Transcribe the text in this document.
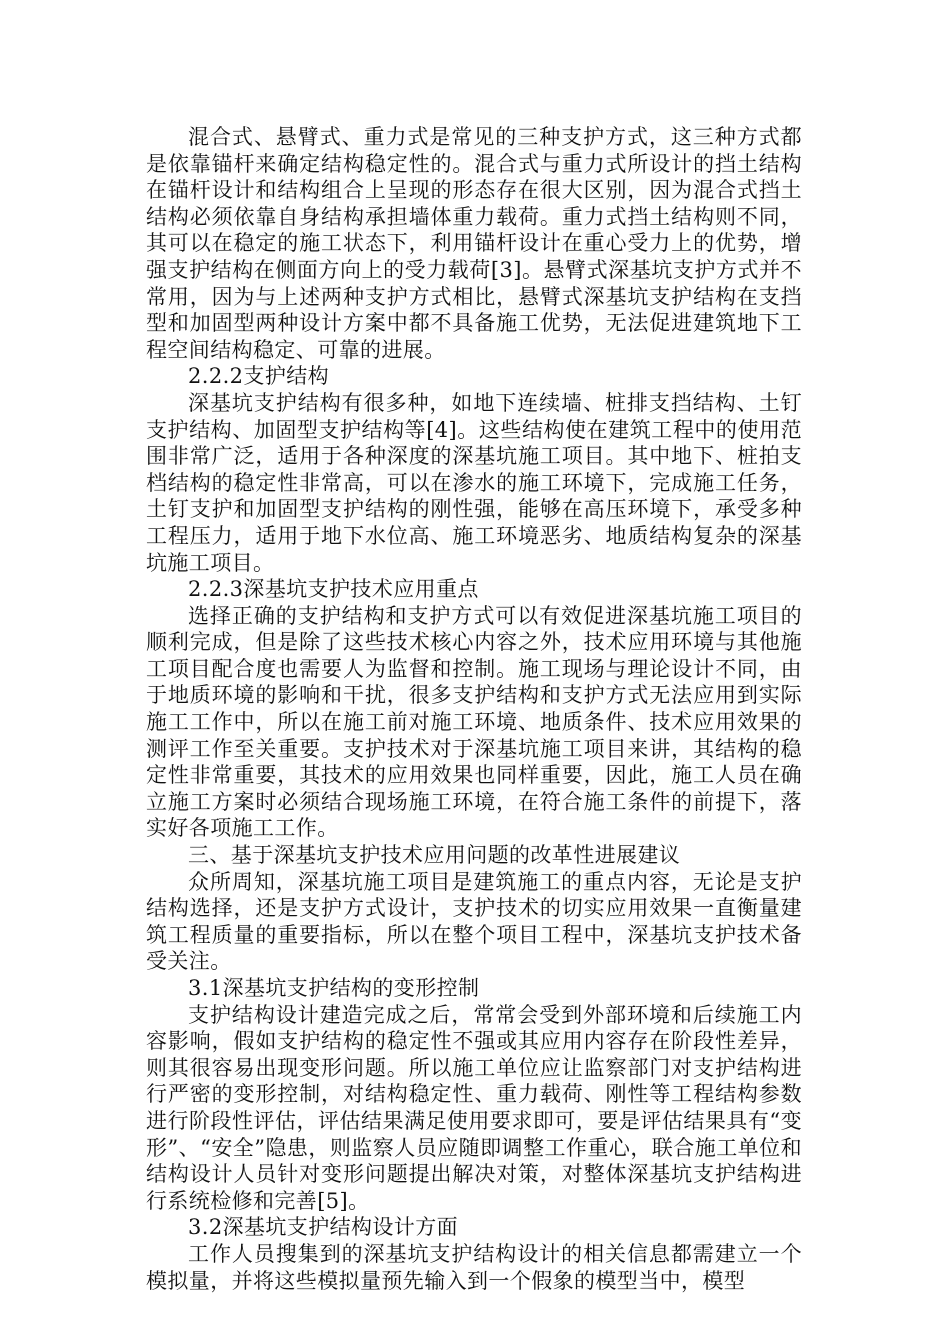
混合式、悬臂式、重力式是常见的三种支护方式，这三种方式都是依靠锚杆来确定结构稳定性的。混合式与重力式所设计的挡土结构在锚杆设计和结构组合上呈现的形态存在很大区别，因为混合式挡土结构必须依靠自身结构承担墙体重力载荷。重力式挡土结构则不同，其可以在稳定的施工状态下，利用锚杆设计在重心受力上的优势，增强支护结构在侧面方向上的受力载荷[3]。悬臂式深基坑支护方式并不常用，因为与上述两种支护方式相比，悬臂式深基坑支护结构在支挡型和加固型两种设计方案中都不具备施工优势，无法促进建筑地下工程空间结构稳定、可靠的进展。

2.2.2支护结构

深基坑支护结构有很多种，如地下连续墙、桩排支挡结构、土钉支护结构、加固型支护结构等[4]。这些结构使在建筑工程中的使用范围非常广泛，适用于各种深度的深基坑施工项目。其中地下、桩拍支档结构的稳定性非常高，可以在渗水的施工环境下，完成施工任务，土钉支护和加固型支护结构的刚性强，能够在高压环境下，承受多种工程压力，适用于地下水位高、施工环境恶劣、地质结构复杂的深基坑施工项目。

2.2.3深基坑支护技术应用重点

选择正确的支护结构和支护方式可以有效促进深基坑施工项目的顺利完成，但是除了这些技术核心内容之外，技术应用环境与其他施工项目配合度也需要人为监督和控制。施工现场与理论设计不同，由于地质环境的影响和干扰，很多支护结构和支护方式无法应用到实际施工工作中，所以在施工前对施工环境、地质条件、技术应用效果的测评工作至关重要。支护技术对于深基坑施工项目来讲，其结构的稳定性非常重要，其技术的应用效果也同样重要，因此，施工人员在确立施工方案时必须结合现场施工环境，在符合施工条件的前提下，落实好各项施工工作。

三、基于深基坑支护技术应用问题的改革性进展建议

众所周知，深基坑施工项目是建筑施工的重点内容，无论是支护结构选择，还是支护方式设计，支护技术的切实应用效果一直衡量建筑工程质量的重要指标，所以在整个项目工程中，深基坑支护技术备受关注。

3.1深基坑支护结构的变形控制

支护结构设计建造完成之后，常常会受到外部环境和后续施工内容影响，假如支护结构的稳定性不强或其应用内容存在阶段性差异，则其很容易出现变形问题。所以施工单位应让监察部门对支护结构进行严密的变形控制，对结构稳定性、重力载荷、刚性等工程结构参数进行阶段性评估，评估结果满足使用要求即可，要是评估结果具有“变形”、“安全”隐患，则监察人员应随即调整工作重心，联合施工单位和结构设计人员针对变形问题提出解决对策，对整体深基坑支护结构进行系统检修和完善[5]。

3.2深基坑支护结构设计方面

工作人员搜集到的深基坑支护结构设计的相关信息都需建立一个模拟量，并将这些模拟量预先输入到一个假象的模型当中，模型
